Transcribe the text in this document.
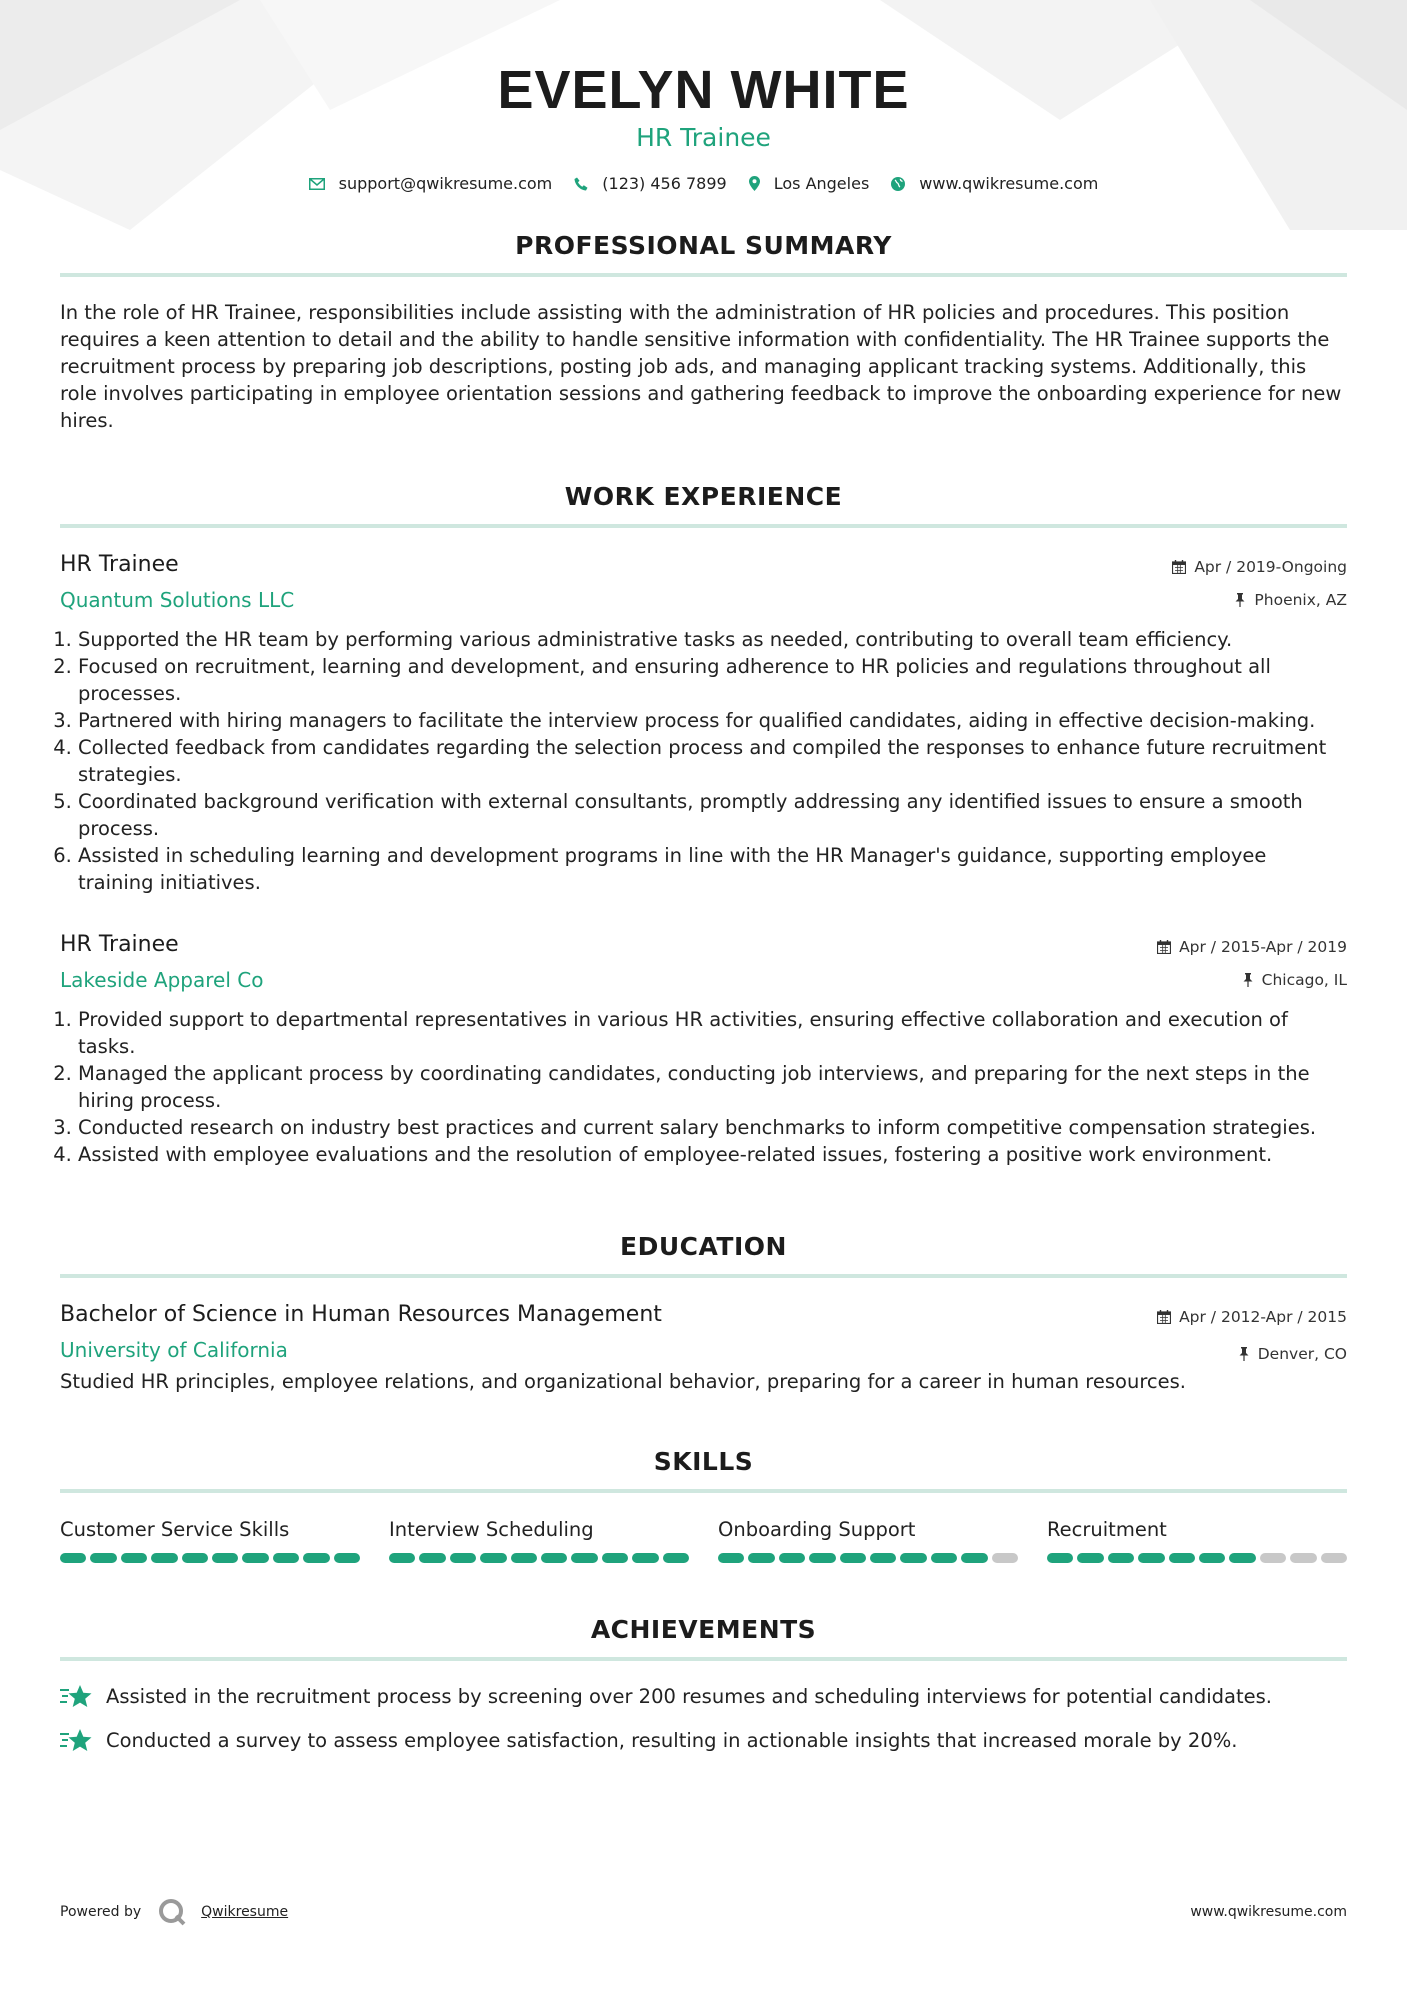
EVELYN WHITE
HR Trainee
support@qwikresume.com	(123) 456 7899	Los Angeles	www.qwikresume.com
PROFESSIONAL SUMMARY
In the role of HR Trainee, responsibilities include assisting with the administration of HR policies and procedures. This position requires a keen attention to detail and the ability to handle sensitive information with confidentiality. The HR Trainee supports the recruitment process by preparing job descriptions, posting job ads, and managing applicant tracking systems. Additionally, this role involves participating in employee orientation sessions and gathering feedback to improve the onboarding experience for new hires.
WORK EXPERIENCE
HR Trainee
Quantum Solutions LLC
Apr / 2019-Ongoing
Phoenix, AZ
1. Supported the HR team by performing various administrative tasks as needed, contributing to overall team efficiency.
2. Focused on recruitment, learning and development, and ensuring adherence to HR policies and regulations throughout all processes.
3. Partnered with hiring managers to facilitate the interview process for qualified candidates, aiding in effective decision-making.
4. Collected feedback from candidates regarding the selection process and compiled the responses to enhance future recruitment strategies.
5. Coordinated background verification with external consultants, promptly addressing any identified issues to ensure a smooth process.
6. Assisted in scheduling learning and development programs in line with the HR Manager's guidance, supporting employee training initiatives.
HR Trainee
Lakeside Apparel Co
Apr / 2015-Apr / 2019
Chicago, IL
1. Provided support to departmental representatives in various HR activities, ensuring effective collaboration and execution of tasks.
2. Managed the applicant process by coordinating candidates, conducting job interviews, and preparing for the next steps in the hiring process.
3. Conducted research on industry best practices and current salary benchmarks to inform competitive compensation strategies.
4. Assisted with employee evaluations and the resolution of employee-related issues, fostering a positive work environment.
EDUCATION
Bachelor of Science in Human Resources Management
University of California
Apr / 2012-Apr / 2015
Denver, CO
Studied HR principles, employee relations, and organizational behavior, preparing for a career in human resources.
SKILLS
Customer Service Skills	Interview Scheduling	Onboarding Support	Recruitment
ACHIEVEMENTS
Assisted in the recruitment process by screening over 200 resumes and scheduling interviews for potential candidates.
Conducted a survey to assess employee satisfaction, resulting in actionable insights that increased morale by 20%.
Powered by	Qwikresume	www.qwikresume.com
